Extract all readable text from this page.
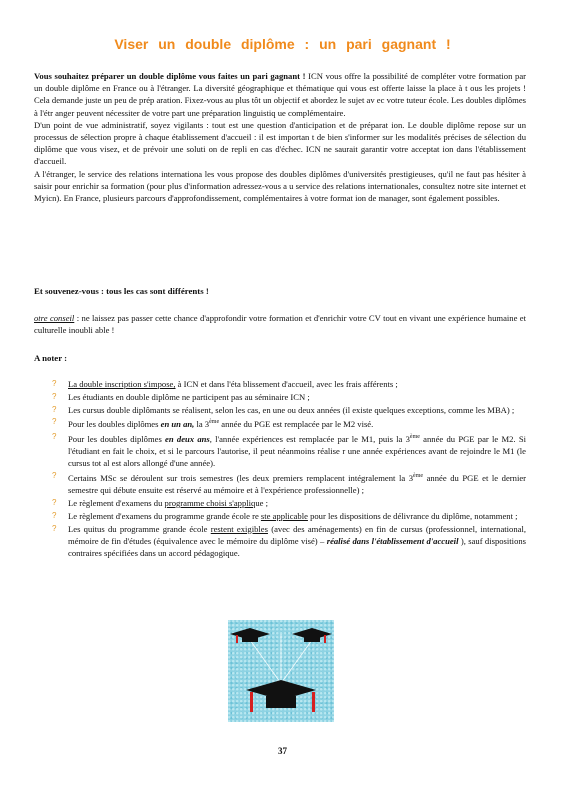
Viser un double diplôme : un pari gagnant !

Vous souhaitez préparer un double diplôme vous faites un pari gagnant ! ICN vous offre la possibilité de compléter votre formation par un double diplôme en France ou à l'étranger. La diversité géographique et thématique qui vous est offerte laisse la place à t ous les projets ! Cela demande juste un peu de prép aration. Fixez-vous au plus tôt un objectif et abordez le sujet av ec votre tuteur école. Les doubles diplômes à l'étr anger peuvent nécessiter de votre part une préparation linguistiq ue complémentaire.

D'un point de vue administratif, soyez vigilants : tout est une question d'anticipation et de préparat ion. Le double diplôme repose sur un processus de sélection propre à chaque établissement d'accueil : il est importan t de bien s'informer sur les modalités précises de sélection du diplôme que vous visez, et de prévoir une soluti on de repli en cas d'échec. ICN ne saurait garantir votre acceptat ion dans l'établissement d'accueil.

A l'étranger, le service des relations internationa les vous propose des doubles diplômes d'universités prestigieuses, qu'il ne faut pas hésiter à saisir pour enrichir sa formation (pour plus d'information adressez-vous a u service des relations internationales, consultez notre site internet et Myicn). En France, plusieurs parcours d'approfondissement, complémentaires à votre format ion de manager, sont également possibles.

Et souvenez-vous : tous les cas sont différents !

otre conseil : ne laissez pas passer cette chance d'approfondir votre formation et d'enrichir votre CV tout en vivant une expérience humaine et culturelle inoubli able !

A noter :
? La double inscription s'impose, à ICN et dans l'éta blissement d'accueil, avec les frais afférents ;
? Les étudiants en double diplôme ne participent pas au séminaire ICN ;
? Les cursus double diplômants se réalisent, selon les cas, en une ou deux années (il existe quelques exceptions, comme les MBA) ;
? Pour les doubles diplômes en un an, la 3ème année du PGE est remplacée par le M2 visé.
? Pour les doubles diplômes en deux ans, l'année expériences est remplacée par le M1, puis la 3ème année du PGE par le M2. Si l'étudiant en fait le choix, et si le parcours l'autorise, il peut néanmoins réalise r une année expériences avant de rejoindre le M1 (le cursus tot al est alors allongé d'une année).
? Certains MSc se déroulent sur trois semestres (les deux premiers remplacent intégralement la 3ème année du PGE et le dernier semestre qui débute ensuite est réservé au mémoire et à l'expérience professionnelle) ;
? Le règlement d'examens du programme choisi s'applique ;
? Le règlement d'examens du programme grande école re ste applicable pour les dispositions de délivrance du diplôme, notamment ;
? Les quitus du programme grande école restent exigibles (avec des aménagements) en fin de cursus (professionnel, international, mémoire de fin d'études (équivalence avec le mémoire du diplôme visé) – réalisé dans l'établissement d'accueil ), sauf dispositions contraires spécifiées dans un accord pédagogique.
37
